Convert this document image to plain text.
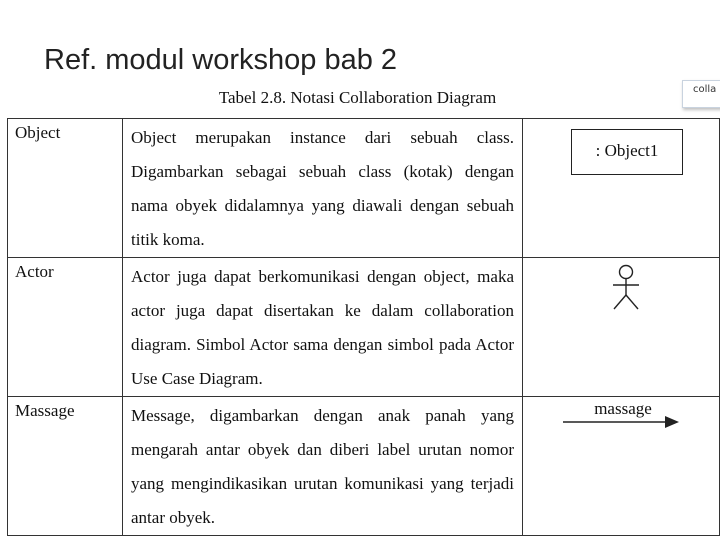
Ref. modul workshop bab 2
colla
Tabel 2.8. Notasi Collaboration Diagram
Object	Object merupakan instance dari sebuah class. Digambarkan sebagai sebuah class (kotak) dengan nama obyek didalamnya yang diawali dengan sebuah titik koma.	: Object1

Actor	Actor juga dapat berkomunikasi dengan object, maka actor juga dapat disertakan ke dalam collaboration diagram. Simbol Actor sama dengan simbol pada Actor Use Case Diagram.

Massage	Message, digambarkan dengan anak panah yang mengarah antar obyek dan diberi label urutan nomor yang mengindikasikan urutan komunikasi yang terjadi antar obyek.	massage
